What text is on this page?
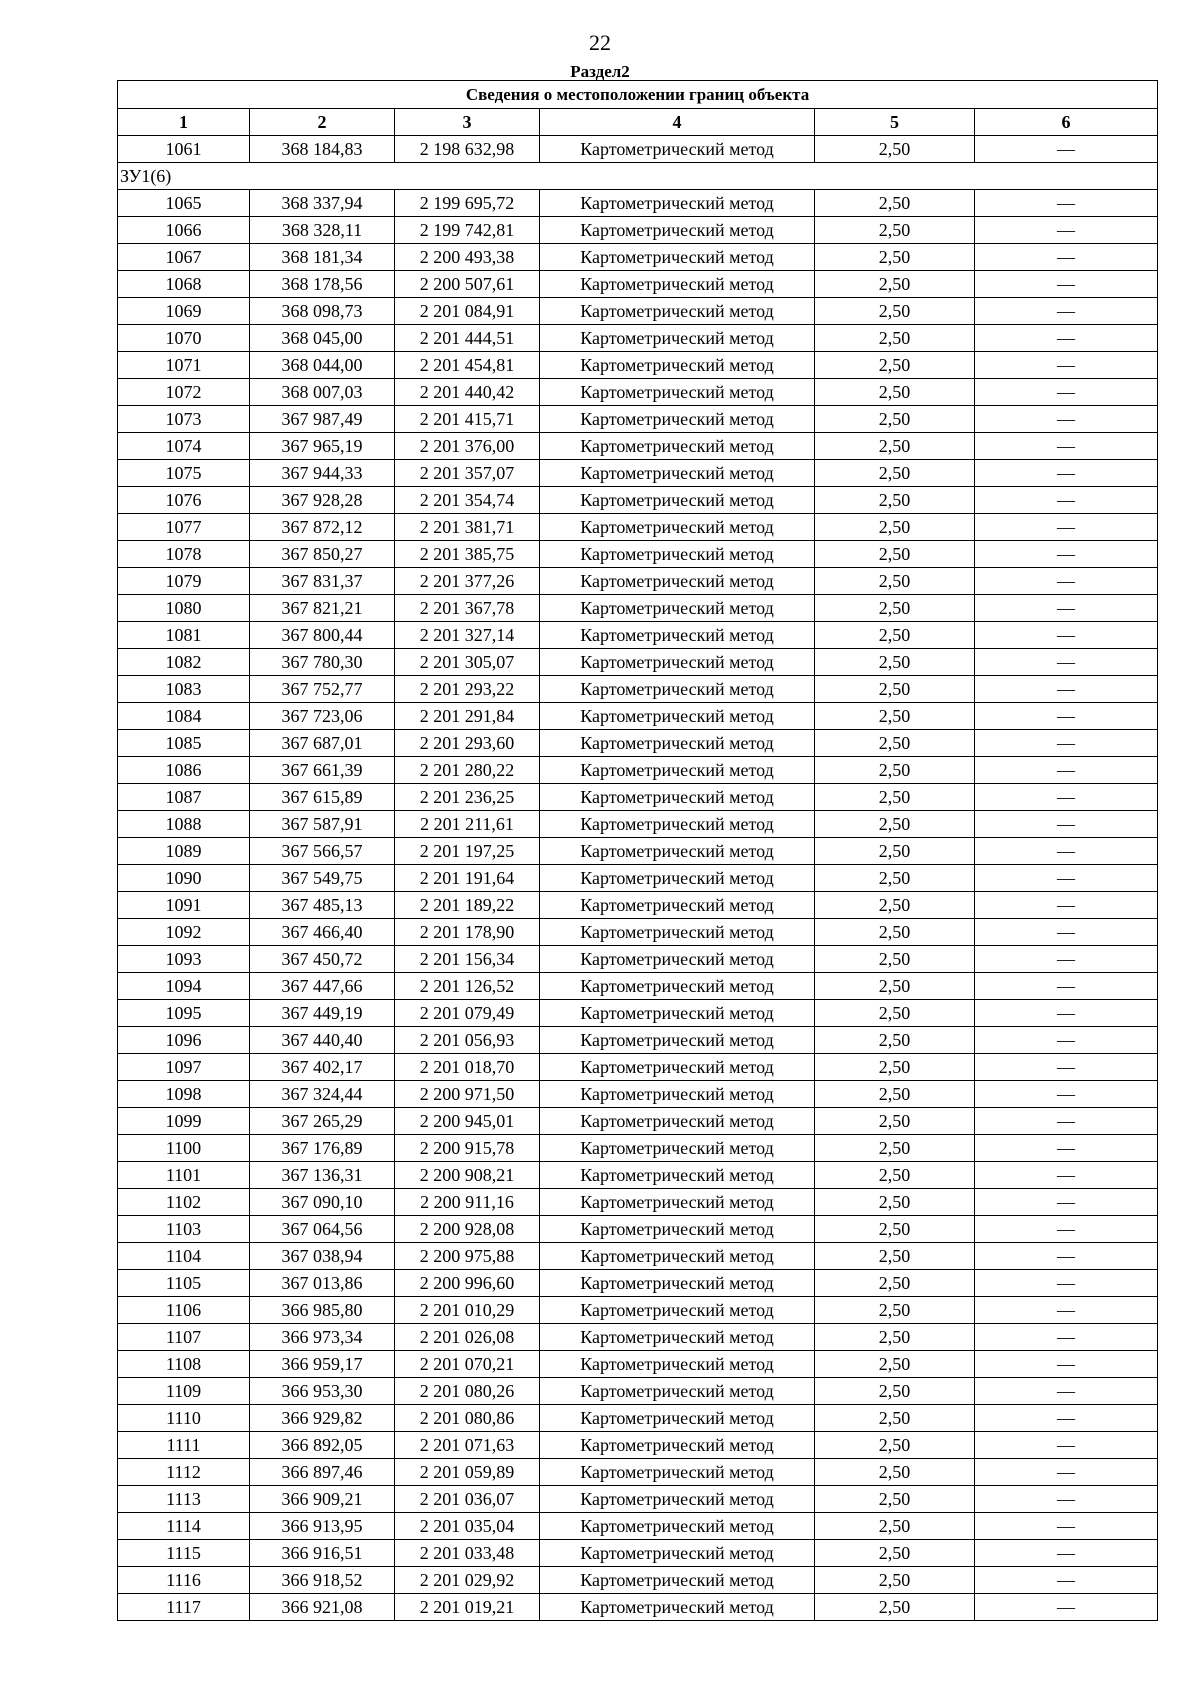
22
Раздел2
Сведения о местоположении границ объекта					
1	2	3	4	5	6
1061	368 184,83	2 198 632,98	Картометрический метод	2,50	—
ЗУ1(6)					
1065	368 337,94	2 199 695,72	Картометрический метод	2,50	—
1066	368 328,11	2 199 742,81	Картометрический метод	2,50	—
1067	368 181,34	2 200 493,38	Картометрический метод	2,50	—
1068	368 178,56	2 200 507,61	Картометрический метод	2,50	—
1069	368 098,73	2 201 084,91	Картометрический метод	2,50	—
1070	368 045,00	2 201 444,51	Картометрический метод	2,50	—
1071	368 044,00	2 201 454,81	Картометрический метод	2,50	—
1072	368 007,03	2 201 440,42	Картометрический метод	2,50	—
1073	367 987,49	2 201 415,71	Картометрический метод	2,50	—
1074	367 965,19	2 201 376,00	Картометрический метод	2,50	—
1075	367 944,33	2 201 357,07	Картометрический метод	2,50	—
1076	367 928,28	2 201 354,74	Картометрический метод	2,50	—
1077	367 872,12	2 201 381,71	Картометрический метод	2,50	—
1078	367 850,27	2 201 385,75	Картометрический метод	2,50	—
1079	367 831,37	2 201 377,26	Картометрический метод	2,50	—
1080	367 821,21	2 201 367,78	Картометрический метод	2,50	—
1081	367 800,44	2 201 327,14	Картометрический метод	2,50	—
1082	367 780,30	2 201 305,07	Картометрический метод	2,50	—
1083	367 752,77	2 201 293,22	Картометрический метод	2,50	—
1084	367 723,06	2 201 291,84	Картометрический метод	2,50	—
1085	367 687,01	2 201 293,60	Картометрический метод	2,50	—
1086	367 661,39	2 201 280,22	Картометрический метод	2,50	—
1087	367 615,89	2 201 236,25	Картометрический метод	2,50	—
1088	367 587,91	2 201 211,61	Картометрический метод	2,50	—
1089	367 566,57	2 201 197,25	Картометрический метод	2,50	—
1090	367 549,75	2 201 191,64	Картометрический метод	2,50	—
1091	367 485,13	2 201 189,22	Картометрический метод	2,50	—
1092	367 466,40	2 201 178,90	Картометрический метод	2,50	—
1093	367 450,72	2 201 156,34	Картометрический метод	2,50	—
1094	367 447,66	2 201 126,52	Картометрический метод	2,50	—
1095	367 449,19	2 201 079,49	Картометрический метод	2,50	—
1096	367 440,40	2 201 056,93	Картометрический метод	2,50	—
1097	367 402,17	2 201 018,70	Картометрический метод	2,50	—
1098	367 324,44	2 200 971,50	Картометрический метод	2,50	—
1099	367 265,29	2 200 945,01	Картометрический метод	2,50	—
1100	367 176,89	2 200 915,78	Картометрический метод	2,50	—
1101	367 136,31	2 200 908,21	Картометрический метод	2,50	—
1102	367 090,10	2 200 911,16	Картометрический метод	2,50	—
1103	367 064,56	2 200 928,08	Картометрический метод	2,50	—
1104	367 038,94	2 200 975,88	Картометрический метод	2,50	—
1105	367 013,86	2 200 996,60	Картометрический метод	2,50	—
1106	366 985,80	2 201 010,29	Картометрический метод	2,50	—
1107	366 973,34	2 201 026,08	Картометрический метод	2,50	—
1108	366 959,17	2 201 070,21	Картометрический метод	2,50	—
1109	366 953,30	2 201 080,26	Картометрический метод	2,50	—
1110	366 929,82	2 201 080,86	Картометрический метод	2,50	—
1111	366 892,05	2 201 071,63	Картометрический метод	2,50	—
1112	366 897,46	2 201 059,89	Картометрический метод	2,50	—
1113	366 909,21	2 201 036,07	Картометрический метод	2,50	—
1114	366 913,95	2 201 035,04	Картометрический метод	2,50	—
1115	366 916,51	2 201 033,48	Картометрический метод	2,50	—
1116	366 918,52	2 201 029,92	Картометрический метод	2,50	—
1117	366 921,08	2 201 019,21	Картометрический метод	2,50	—
